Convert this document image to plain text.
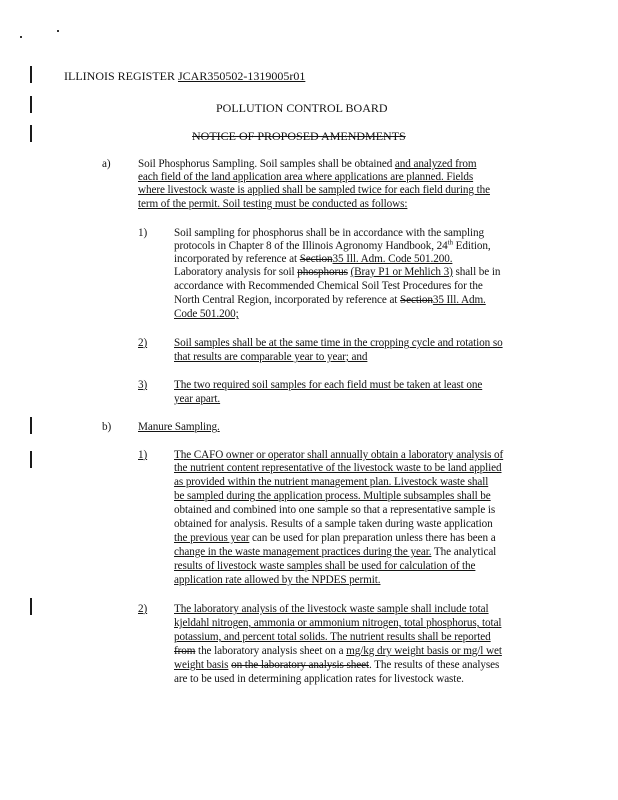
ILLINOIS REGISTER JCAR350502-1319005r01
POLLUTION CONTROL BOARD
NOTICE OF PROPOSED AMENDMENTS
a) Soil Phosphorus Sampling. Soil samples shall be obtained and analyzed from
each field of the land application area where applications are planned. Fields
where livestock waste is applied shall be sampled twice for each field during the
term of the permit. Soil testing must be conducted as follows:
1) Soil sampling for phosphorus shall be in accordance with the sampling
protocols in Chapter 8 of the Illinois Agronomy Handbook, 24th Edition,
incorporated by reference at Section35 Ill. Adm. Code 501.200.
Laboratory analysis for soil phosphorus (Bray P1 or Mehlich 3) shall be in
accordance with Recommended Chemical Soil Test Procedures for the
North Central Region, incorporated by reference at Section35 Ill. Adm.
Code 501.200;
2) Soil samples shall be at the same time in the cropping cycle and rotation so
that results are comparable year to year; and
3) The two required soil samples for each field must be taken at least one
year apart.
b) Manure Sampling.
1) The CAFO owner or operator shall annually obtain a laboratory analysis of
the nutrient content representative of the livestock waste to be land applied
as provided within the nutrient management plan. Livestock waste shall
be sampled during the application process. Multiple subsamples shall be
obtained and combined into one sample so that a representative sample is
obtained for analysis. Results of a sample taken during waste application
the previous year can be used for plan preparation unless there has been a
change in the waste management practices during the year. The analytical
results of livestock waste samples shall be used for calculation of the
application rate allowed by the NPDES permit.
2) The laboratory analysis of the livestock waste sample shall include total
kjeldahl nitrogen, ammonia or ammonium nitrogen, total phosphorus, total
potassium, and percent total solids. The nutrient results shall be reported
from the laboratory analysis sheet on a mg/kg dry weight basis or mg/l wet
weight basis on the laboratory analysis sheet. The results of these analyses
are to be used in determining application rates for livestock waste.
